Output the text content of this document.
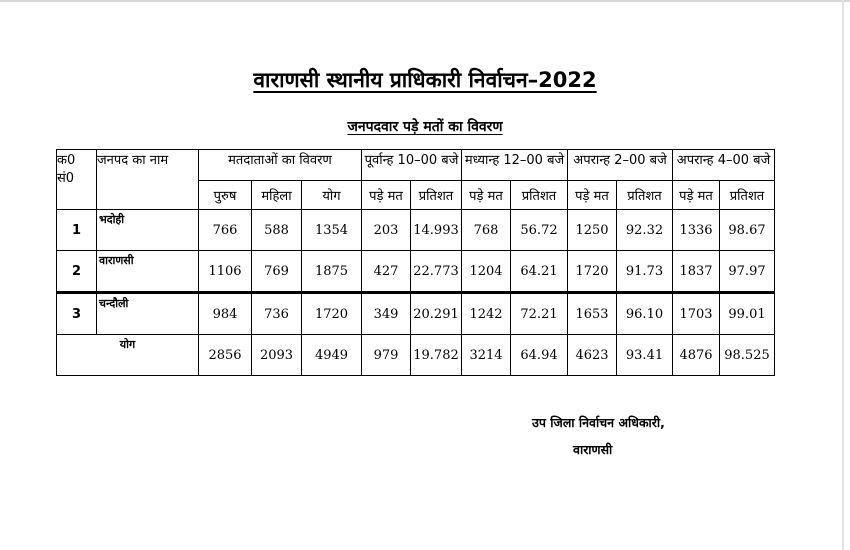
वाराणसी स्थानीय प्राधिकारी निर्वाचन–2022
जनपदवार पड़े मतों का विवरण
क0 सं0	जनपद का नाम	मतदाताओं का विवरण			पूर्वान्ह 10–00 बजे		मध्यान्ह 12–00 बजे		अपरान्ह 2–00 बजे		अपरान्ह 4–00 बजे	
		पुरुष	महिला	योग	पड़े मत	प्रतिशत	पड़े मत	प्रतिशत	पड़े मत	प्रतिशत	पड़े मत	प्रतिशत
1	भदोही	766	588	1354	203	14.993	768	56.72	1250	92.32	1336	98.67
2	वाराणसी	1106	769	1875	427	22.773	1204	64.21	1720	91.73	1837	97.97
3	चन्दौली	984	736	1720	349	20.291	1242	72.21	1653	96.10	1703	99.01
योग		2856	2093	4949	979	19.782	3214	64.94	4623	93.41	4876	98.525
उप जिला निर्वाचन अधिकारी,
वाराणसी
